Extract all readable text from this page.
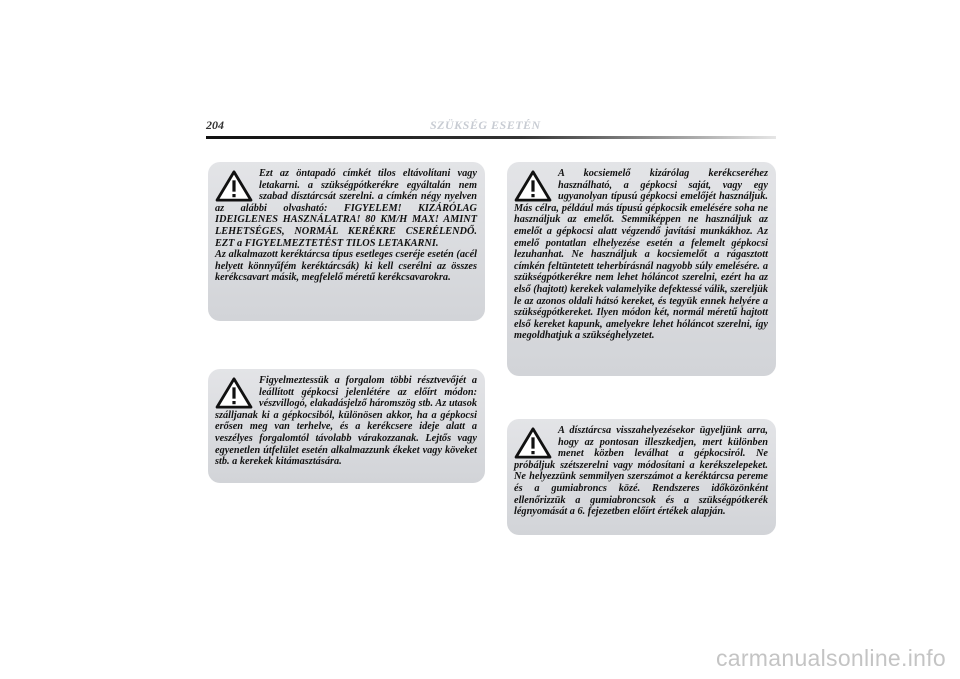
204	SZÜKSÉG ESETÉN

Ezt az öntapadó címkét tilos eltávolítani vagy letakarni. a szükségpótkerékre egyáltalán nem szabad dísztárcsát szerelni. a címkén négy nyelven az alábbi olvasható: FIGYELEM! KIZÁRÓLAG IDEIGLENES HASZNÁLATRA! 80 KM/H MAX! AMINT LEHETSÉGES, NORMÁL KERÉKRE CSERÉLENDŐ. EZT a FIGYELMEZTETÉST TILOS LETAKARNI.

Az alkalmazott keréktárcsa típus esetleges cseréje esetén (acél helyett könnyűfém keréktárcsák) ki kell cserélni az összes kerékcsavart másik, megfelelő méretű kerékcsavarokra.

Figyelmeztessük a forgalom többi résztvevőjét a leállított gépkocsi jelenlétére az előírt módon: vészvillogó, elakadásjelző háromszög stb. Az utasok szálljanak ki a gépkocsiból, különösen akkor, ha a gépkocsi erősen meg van terhelve, és a kerékcsere ideje alatt a veszélyes forgalomtól távolabb várakozzanak. Lejtős vagy egyenetlen útfelület esetén alkalmazzunk ékeket vagy köveket stb. a kerekek kitámasztására.

A kocsiemelő kizárólag kerékcseréhez használható, a gépkocsi saját, vagy egy ugyanolyan típusú gépkocsi emelőjét használjuk. Más célra, például más típusú gépkocsik emelésére soha ne használjuk az emelőt. Semmiképpen ne használjuk az emelőt a gépkocsi alatt végzendő javítási munkákhoz. Az emelő pontatlan elhelyezése esetén a felemelt gépkocsi lezuhanhat. Ne használjuk a kocsiemelőt a rágasztott címkén feltüntetett teherbírásnál nagyobb súly emelésére. a szükségpótkerékre nem lehet hóláncot szerelni, ezért ha az első (hajtott) kerekek valamelyike defektessé válik, szereljük le az azonos oldali hátsó kereket, és tegyük ennek helyére a szükségpótkereket. Ilyen módon két, normál méretű hajtott első kereket kapunk, amelyekre lehet hóláncot szerelni, így megoldhatjuk a szükséghelyzetet.

A dísztárcsa visszahelyezésekor ügyeljünk arra, hogy az pontosan illeszkedjen, mert különben menet közben leválhat a gépkocsiról. Ne próbáljuk szétszerelni vagy módosítani a kerékszelepeket. Ne helyezzünk semmilyen szerszámot a keréktárcsa pereme és a gumiabroncs közé. Rendszeres időközönként ellenőrizzük a gumiabroncsok és a szükségpótkerék légnyomását a 6. fejezetben előírt értékek alapján.

carmanualsonline.info
